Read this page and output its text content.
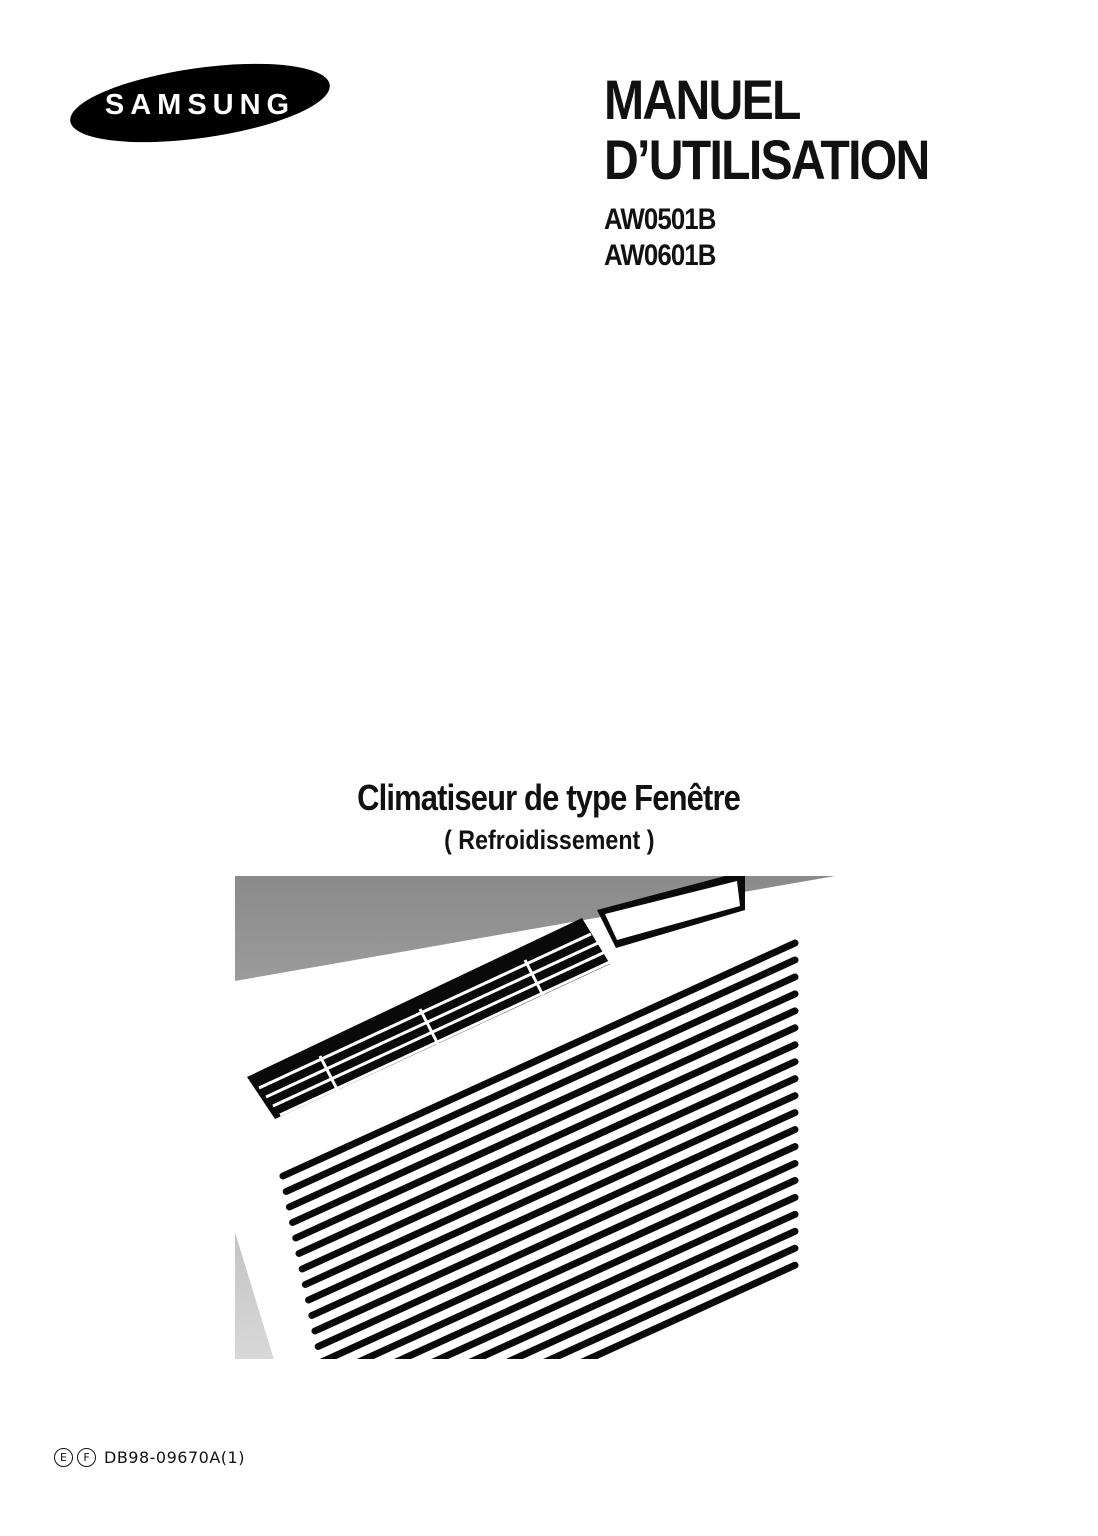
SAMSUNG	MANUEL
D’UTILISATION
AW0501B
AW0601B
Climatiseur de type Fenêtre
( Refroidissement )
E	F DB98-09670A(1)
